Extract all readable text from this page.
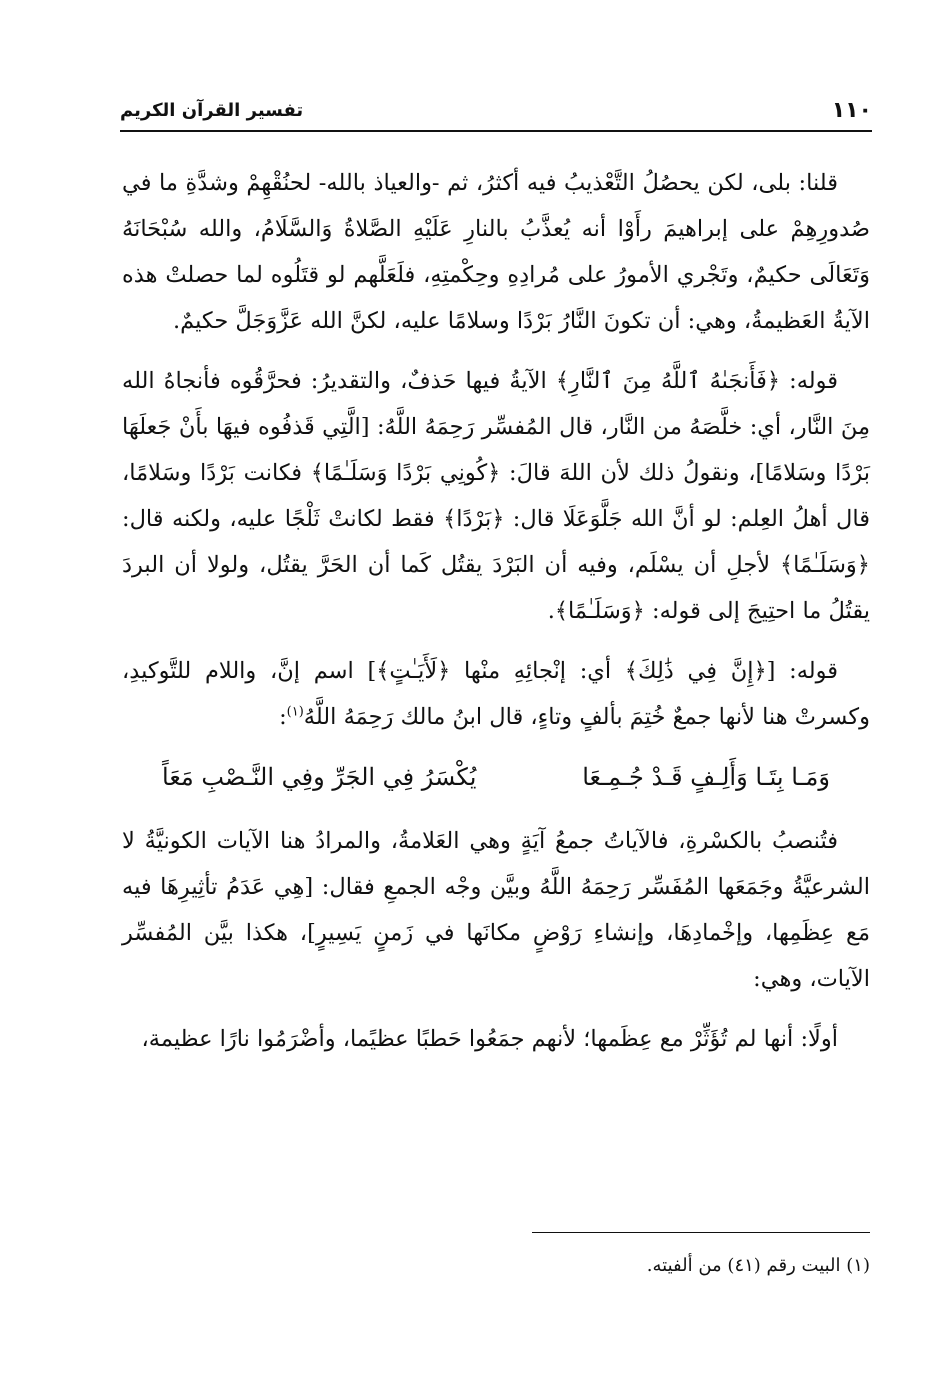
١١٠
تفسير القرآن الكريم

قلنا: بلى، لكن يحصُلُ التَّعْذيبُ فيه أكثرُ، ثم -والعياذ بالله- لحنُقْهِمْ وشدَّةِ ما في صُدورِهِمْ على إبراهيمَ رأَوْا أنه يُعذَّبُ بالنارِ عَلَيْهِ الصَّلاةُ وَالسَّلَامُ، والله سُبْحَانَهُ وَتَعَالَى حكيمٌ، وتَجْري الأمورُ على مُرادِهِ وحِكْمتِهِ، فلَعَلَّهم لو قتَلُوه لما حصلتْ هذه الآيةُ العَظيمةُ، وهي: أن تكونَ النَّارُ بَرْدًا وسلامًا عليه، لكنَّ الله عَزَّوَجَلَّ حكيمٌ.

قوله: ﴿فَأَنجَىٰهُ ٱللَّهُ مِنَ ٱلنَّارِ﴾ الآيةُ فيها حَذفٌ، والتقديرُ: فحرَّقُوه فأنجاهُ الله مِنَ النَّار، أي: خلَّصَهُ من النَّار، قال المُفسِّر رَحِمَهُ اللَّهُ: [الَّتِي قَذفُوه فيهَا بأَنْ جَعلَهَا بَرْدًا وسَلامًا]، ونقولُ ذلك لأن اللهَ قالَ: ﴿كُونِي بَرْدًا وَسَلَـٰمًا﴾ فكانت بَرْدًا وسَلامًا، قال أهلُ العِلم: لو أنَّ الله جَلَّوَعَلَا قال: ﴿بَرْدًا﴾ فقط لكانتْ ثَلْجًا عليه، ولكنه قال: ﴿وَسَلَـٰمًا﴾ لأجلِ أن يسْلَم، وفيه أن البَرْدَ يقتُل كَما أن الحَرَّ يقتُل، ولولا أن البردَ يقتُلُ ما احتِيجَ إلى قوله: ﴿وَسَلَـٰمًا﴾.

قوله: [﴿إِنَّ فِي ذَٰلِكَ﴾ أي: إنْجائِهِ منْها ﴿لَأَيَـٰتٍ﴾] اسم إنَّ، واللام للتَّوكيدِ، وكسرتْ هنا لأنها جمعٌ خُتِمَ بألفٍ وتاءٍ، قال ابنُ مالك رَحِمَهُ اللَّهُ$^{(١)}$:

وَمَـا بِتَـا وَأَلِـفٍ قَـدْ جُـمِـعَا
يُكْسَرُ فِي الجَرِّ وفِي النَّـصْبِ مَعَاً

فتُنصبُ بالكسْرةِ، فالآياتُ جمعُ آيَةٍ وهي العَلامةُ، والمرادُ هنا الآيات الكونيَّةُ لا الشرعيَّةُ وجَمَعَها المُفَسِّر رَحِمَهُ اللَّهُ وبيَّن وجْه الجمعِ فقال: [هِي عَدَمُ تأثِيرِهَا فيه مَع عِظَمِها، وإخْمادِهَا، وإنشاءِ رَوْضٍ مكانَها في زَمنٍ يَسِيرٍ]، هكذا بيَّن المُفسِّر الآيات، وهي:

أولًا: أنها لم تُؤَثِّرْ مع عِظَمها؛ لأنهم جمَعُوا حَطبًا عظيًما، وأضْرَمُوا نارًا عظيمة،

(١) البيت رقم (٤١) من ألفيته.
